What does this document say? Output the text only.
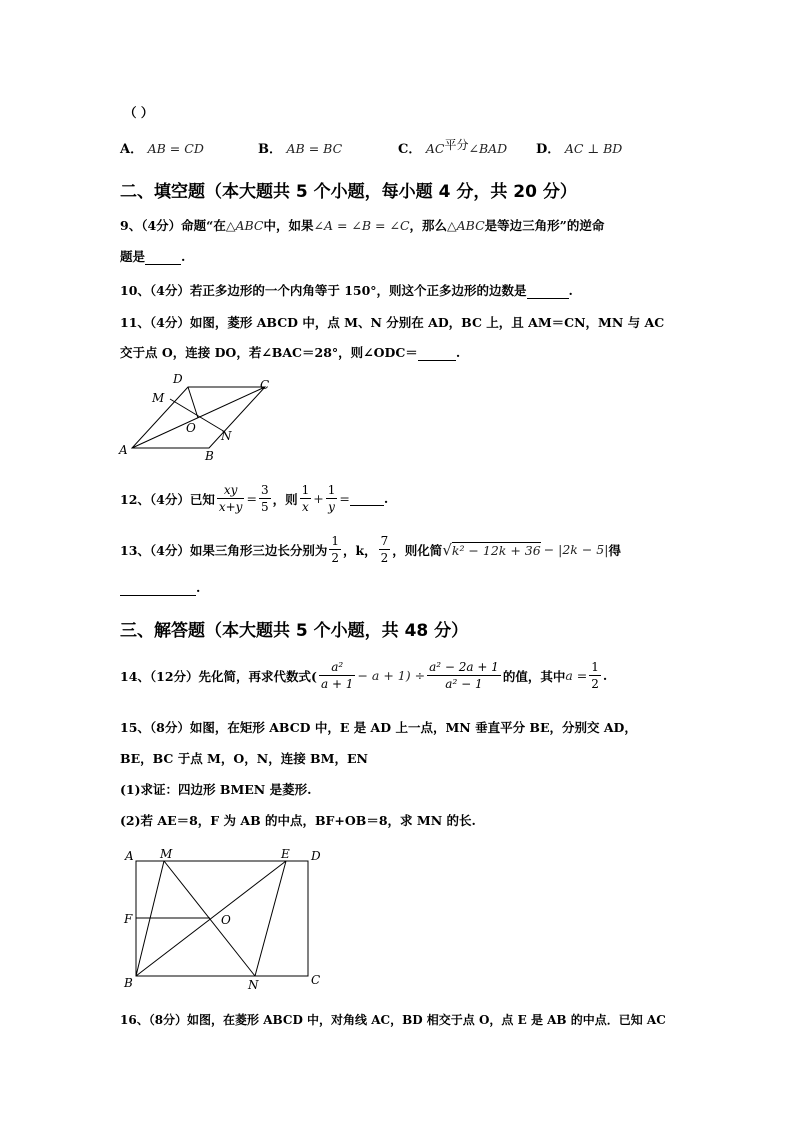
（ ）
A． AB = CD	B． AB = BC	C． AC平分∠BAD D． AC ⊥ BD
二、填空题（本大题共 5 个小题，每小题 4 分，共 20 分）
9、（4分）命题“在△ABC中，如果∠A = ∠B = ∠C，那么△ABC是等边三角形”的逆命
题是	.
10、（4分）若正多边形的一个内角等于 150°，则这个正多边形的边数是	.
11、（4分）如图，菱形 ABCD 中，点 M、N 分别在 AD，BC 上，且 AM＝CN，MN 与 AC
交于点 O，连接 DO，若∠BAC＝28°，则∠ODC＝	.
A	B
C
D
M
N
O
12、（4分）已知 $\frac{xy}{x+y} = \frac{3}{5}$ ，则 $\frac{1}{x} + \frac{1}{y}$ =	.
13、（4分）如果三角形三边长分别为 $\frac{1}{2}$ ，k， $\frac{7}{2}$ ，则化简 √ k² − 12k + 36 − |2k − 5| 得
.
三、解答题（本大题共 5 个小题，共 48 分）
14、（12分）先化简，再求代数式( $\frac{\text{a²}}{a + 1} - a + 1) \div \frac{\text{a² − 2a + 1}}{\text{a² − 1}}$ 的值，其中 $a = \frac{1}{2}$ .
15、（8分）如图，在矩形 ABCD 中，E 是 AD 上一点，MN 垂直平分 BE，分别交 AD，
BE，BC 于点 M，O，N，连接 BM，EN
(1)求证：四边形 BMEN 是菱形.
(2)若 AE＝8，F 为 AB 的中点，BF+OB＝8，求 MN 的长.
A M	E D
F	O
B	N	C
16、（8分）如图，在菱形 ABCD 中，对角线 AC，BD 相交于点 O，点 E 是 AB 的中点．已知 AC
